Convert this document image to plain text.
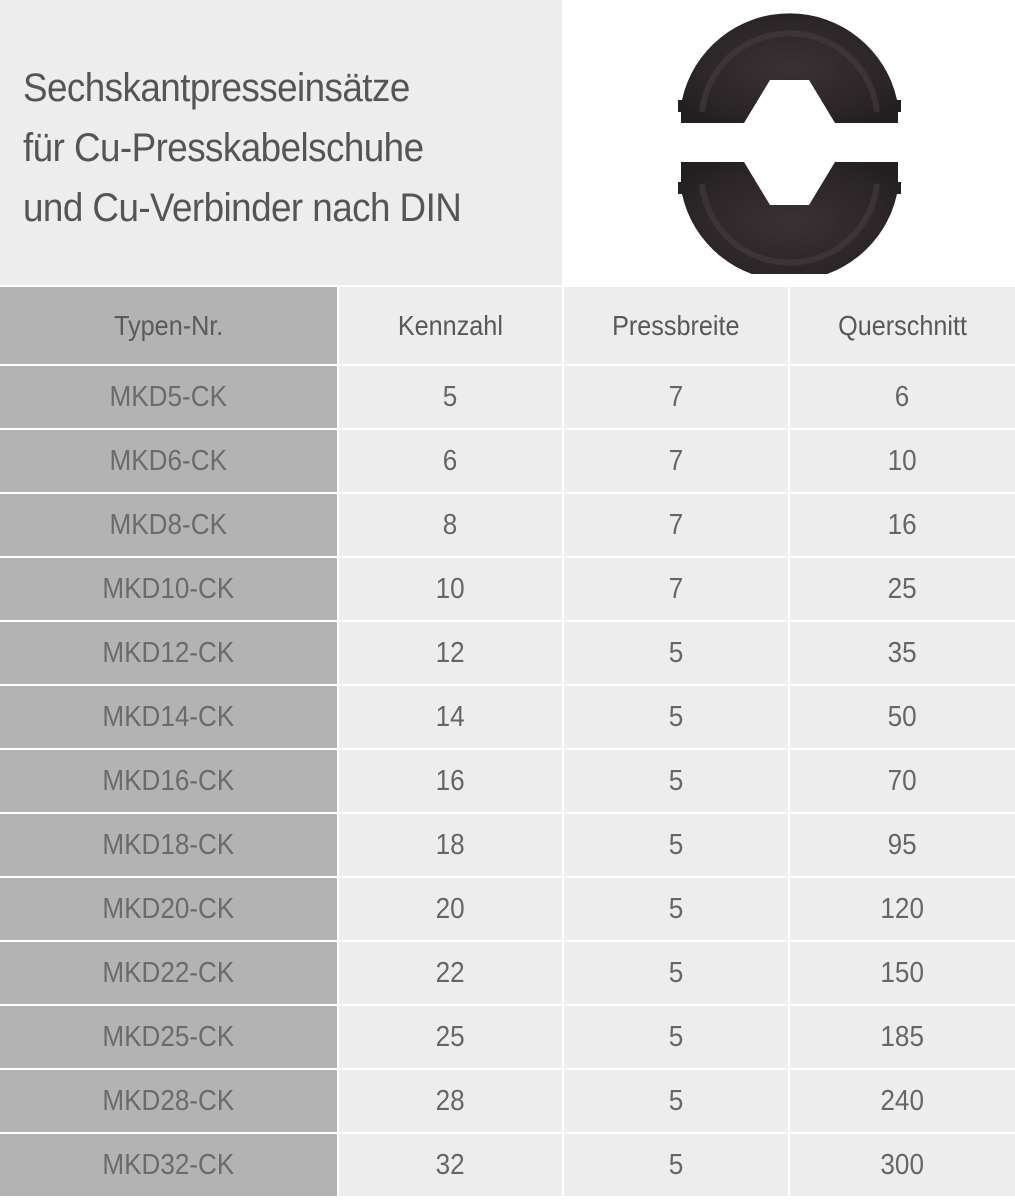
Sechskantpresseinsätze
für Cu-Presskabelschuhe
und Cu-Verbinder nach DIN
Typen-Nr.	Kennzahl	Pressbreite	Querschnitt
MKD5-CK	5	7	6
MKD6-CK	6	7	10
MKD8-CK	8	7	16
MKD10-CK	10	7	25
MKD12-CK	12	5	35
MKD14-CK	14	5	50
MKD16-CK	16	5	70
MKD18-CK	18	5	95
MKD20-CK	20	5	120
MKD22-CK	22	5	150
MKD25-CK	25	5	185
MKD28-CK	28	5	240
MKD32-CK	32	5	300
